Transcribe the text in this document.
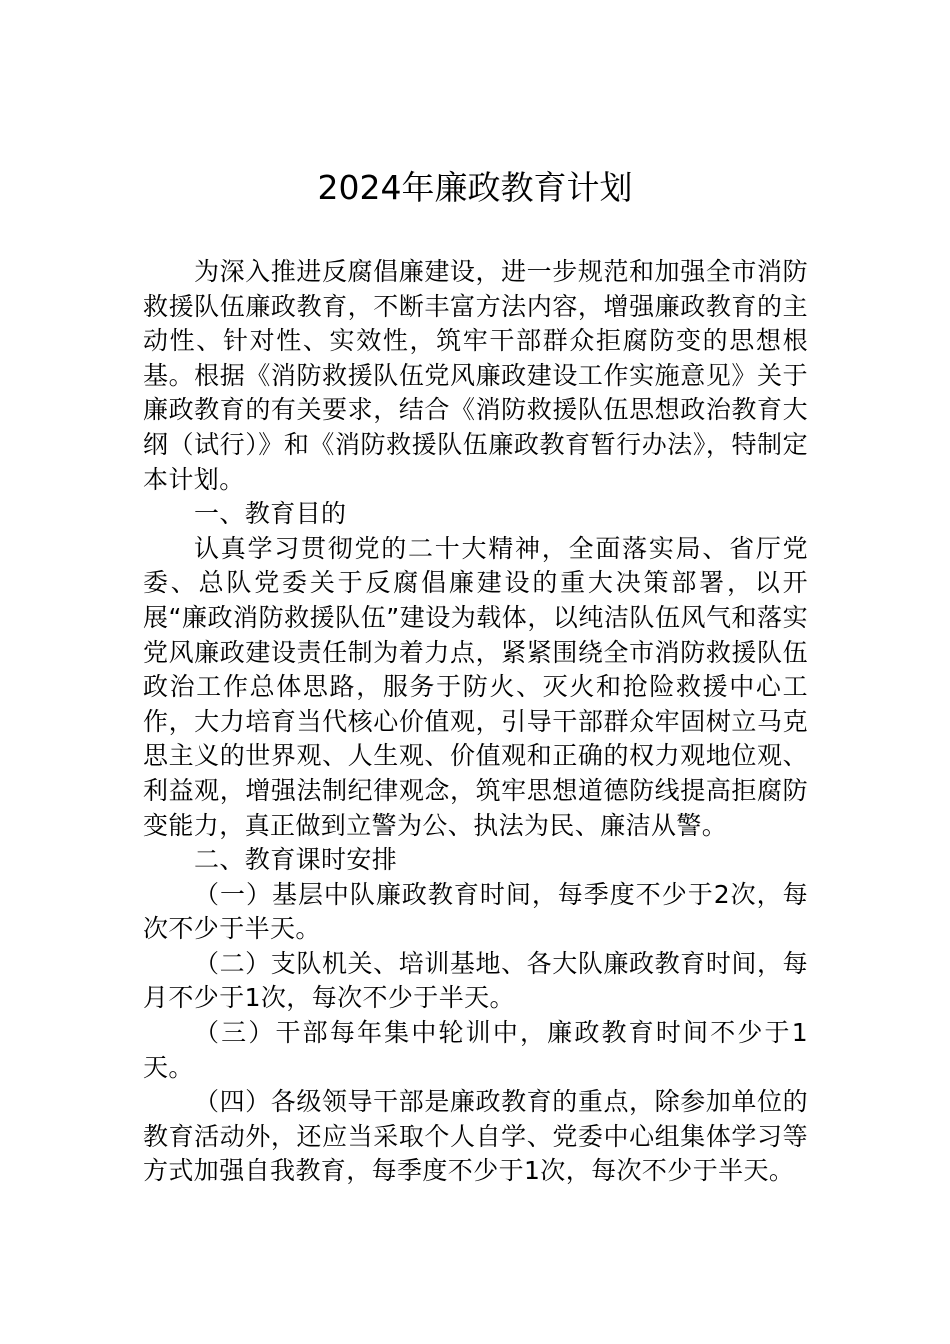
2024年廉政教育计划

为深入推进反腐倡廉建设，进一步规范和加强全市消防救援队伍廉政教育，不断丰富方法内容，增强廉政教育的主动性、针对性、实效性，筑牢干部群众拒腐防变的思想根基。根据《消防救援队伍党风廉政建设工作实施意见》关于廉政教育的有关要求，结合《消防救援队伍思想政治教育大纲（试行）》和《消防救援队伍廉政教育暂行办法》，特制定本计划。

一、教育目的

认真学习贯彻党的二十大精神，全面落实局、省厅党委、总队党委关于反腐倡廉建设的重大决策部署，以开展“廉政消防救援队伍”建设为载体，以纯洁队伍风气和落实党风廉政建设责任制为着力点，紧紧围绕全市消防救援队伍政治工作总体思路，服务于防火、灭火和抢险救援中心工作，大力培育当代核心价值观，引导干部群众牢固树立马克思主义的世界观、人生观、价值观和正确的权力观地位观、利益观，增强法制纪律观念，筑牢思想道德防线提高拒腐防变能力，真正做到立警为公、执法为民、廉洁从警。

二、教育课时安排

（一）基层中队廉政教育时间，每季度不少于2次，每次不少于半天。

（二）支队机关、培训基地、各大队廉政教育时间，每月不少于1次，每次不少于半天。

（三）干部每年集中轮训中，廉政教育时间不少于1天。

（四）各级领导干部是廉政教育的重点，除参加单位的教育活动外，还应当采取个人自学、党委中心组集体学习等方式加强自我教育，每季度不少于1次，每次不少于半天。
